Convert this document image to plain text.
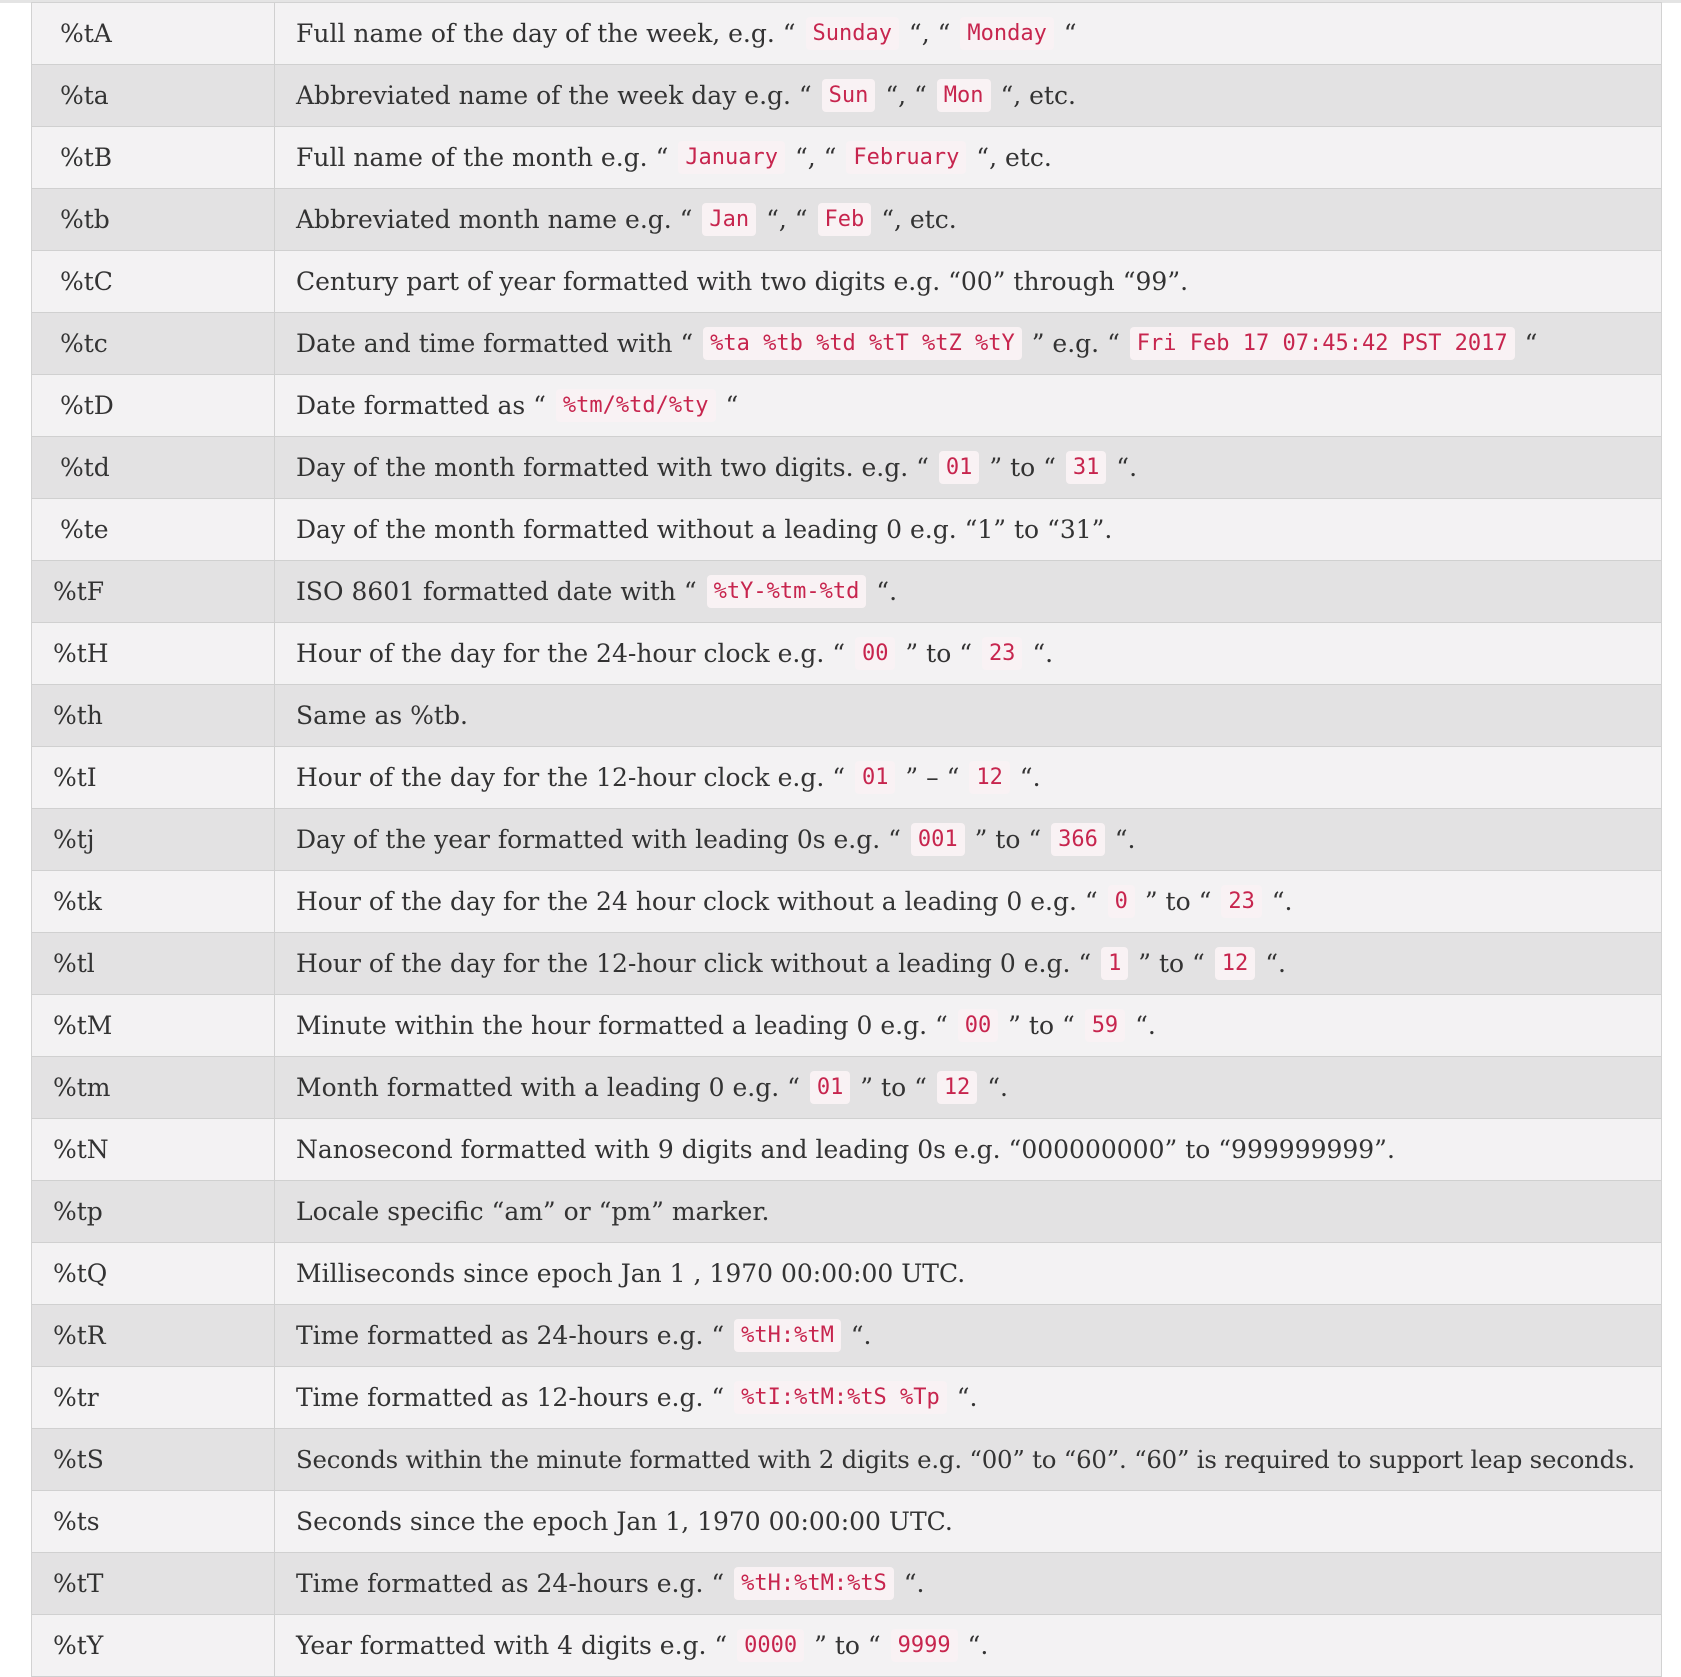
%tA	Full name of the day of the week, e.g. “ Sunday “, “ Monday “
%ta	Abbreviated name of the week day e.g. “ Sun “, “ Mon “, etc.
%tB	Full name of the month e.g. “ January “, “ February “, etc.
%tb	Abbreviated month name e.g. “ Jan “, “ Feb “, etc.
%tC	Century part of year formatted with two digits e.g. “00” through “99”.
%tc	Date and time formatted with “ %ta %tb %td %tT %tZ %tY ” e.g. “ Fri Feb 17 07:45:42 PST 2017 “
%tD	Date formatted as “ %tm/%td/%ty “
%td	Day of the month formatted with two digits. e.g. “ 01 ” to “ 31 “.
%te	Day of the month formatted without a leading 0 e.g. “1” to “31”.
%tF	ISO 8601 formatted date with “ %tY-%tm-%td “.
%tH	Hour of the day for the 24-hour clock e.g. “ 00 ” to “ 23 “.
%th	Same as %tb.
%tI	Hour of the day for the 12-hour clock e.g. “ 01 ” – “ 12 “.
%tj	Day of the year formatted with leading 0s e.g. “ 001 ” to “ 366 “.
%tk	Hour of the day for the 24 hour clock without a leading 0 e.g. “ 0 ” to “ 23 “.
%tl	Hour of the day for the 12-hour click without a leading 0 e.g. “ 1 ” to “ 12 “.
%tM	Minute within the hour formatted a leading 0 e.g. “ 00 ” to “ 59 “.
%tm	Month formatted with a leading 0 e.g. “ 01 ” to “ 12 “.
%tN	Nanosecond formatted with 9 digits and leading 0s e.g. “000000000” to “999999999”.
%tp	Locale specific “am” or “pm” marker.
%tQ	Milliseconds since epoch Jan 1 , 1970 00:00:00 UTC.
%tR	Time formatted as 24-hours e.g. “ %tH:%tM “.
%tr	Time formatted as 12-hours e.g. “ %tI:%tM:%tS %Tp “.
%tS	Seconds within the minute formatted with 2 digits e.g. “00” to “60”. “60” is required to support leap seconds.
%ts	Seconds since the epoch Jan 1, 1970 00:00:00 UTC.
%tT	Time formatted as 24-hours e.g. “ %tH:%tM:%tS “.
%tY	Year formatted with 4 digits e.g. “ 0000 ” to “ 9999 “.
